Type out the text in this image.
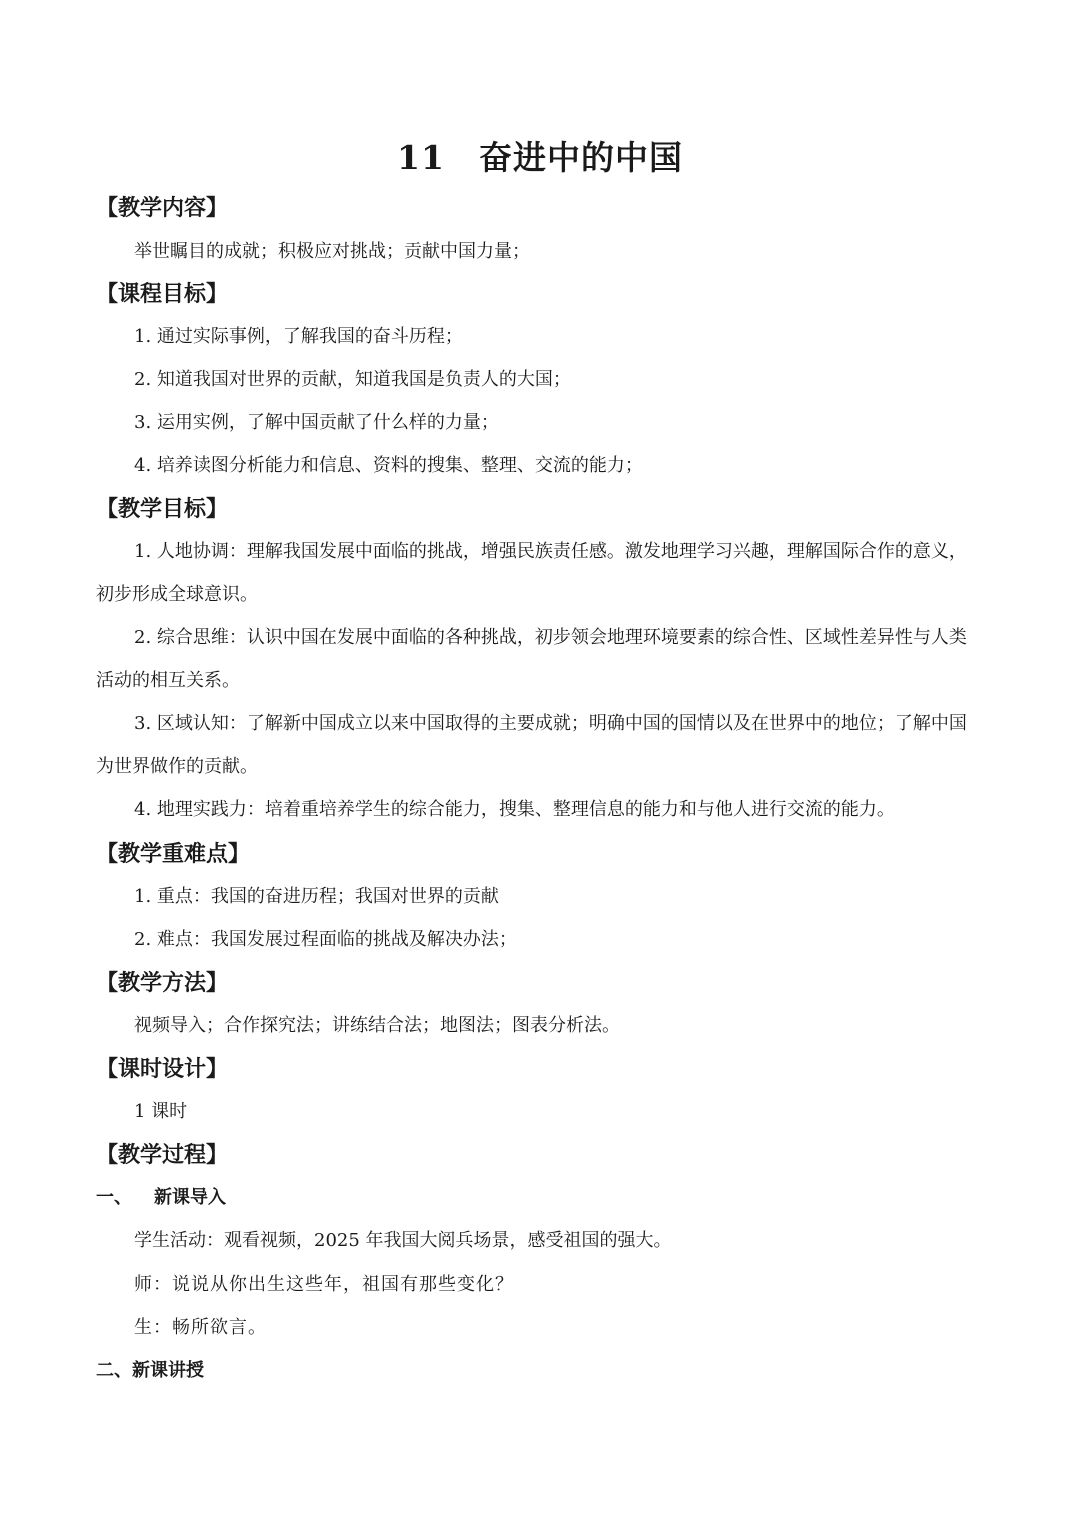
11 奋进中的中国
【教学内容】
举世瞩目的成就；积极应对挑战；贡献中国力量；
【课程目标】
1. 通过实际事例，了解我国的奋斗历程；
2. 知道我国对世界的贡献，知道我国是负责人的大国；
3. 运用实例，了解中国贡献了什么样的力量；
4. 培养读图分析能力和信息、资料的搜集、整理、交流的能力；
【教学目标】
1. 人地协调：理解我国发展中面临的挑战，增强民族责任感。激发地理学习兴趣，理解国际合作的意义，初步形成全球意识。
2. 综合思维：认识中国在发展中面临的各种挑战，初步领会地理环境要素的综合性、区域性差异性与人类活动的相互关系。
3. 区域认知：了解新中国成立以来中国取得的主要成就；明确中国的国情以及在世界中的地位；了解中国为世界做作的贡献。
4. 地理实践力：培着重培养学生的综合能力，搜集、整理信息的能力和与他人进行交流的能力。
【教学重难点】
1. 重点：我国的奋进历程；我国对世界的贡献
2. 难点：我国发展过程面临的挑战及解决办法；
【教学方法】
视频导入；合作探究法；讲练结合法；地图法；图表分析法。
【课时设计】
1 课时
【教学过程】
一、 新课导入
学生活动：观看视频，2025 年我国大阅兵场景，感受祖国的强大。
师：说说从你出生这些年，祖国有那些变化？
生：畅所欲言。
二、新课讲授
